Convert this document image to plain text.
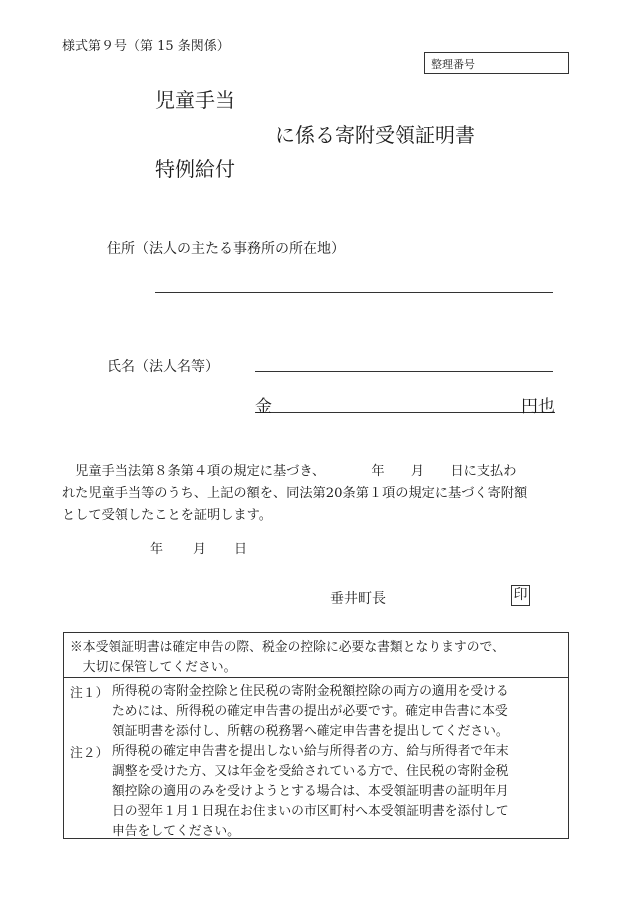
様式第９号（第 15 条関係）
整理番号
児童手当
に係る寄附受領証明書
特例給付
住所（法人の主たる事務所の所在地）
氏名（法人名等）
金	円也
　児童手当法第８条第４項の規定に基づき、　　　　年　　月　　日に支払わ
れた児童手当等のうち、上記の額を、同法第20条第１項の規定に基づく寄附額
として受領したことを証明します。
年 月 日
垂井町長	印
※本受領証明書は確定申告の際、税金の控除に必要な書類となりますので、
　大切に保管してください。
注１） 所得税の寄附金控除と住民税の寄附金税額控除の両方の適用を受ける
ためには、所得税の確定申告書の提出が必要です。確定申告書に本受
領証明書を添付し、所轄の税務署へ確定申告書を提出してください。
注２） 所得税の確定申告書を提出しない給与所得者の方、給与所得者で年末
調整を受けた方、又は年金を受給されている方で、住民税の寄附金税
額控除の適用のみを受けようとする場合は、本受領証明書の証明年月
日の翌年１月１日現在お住まいの市区町村へ本受領証明書を添付して
申告をしてください。
